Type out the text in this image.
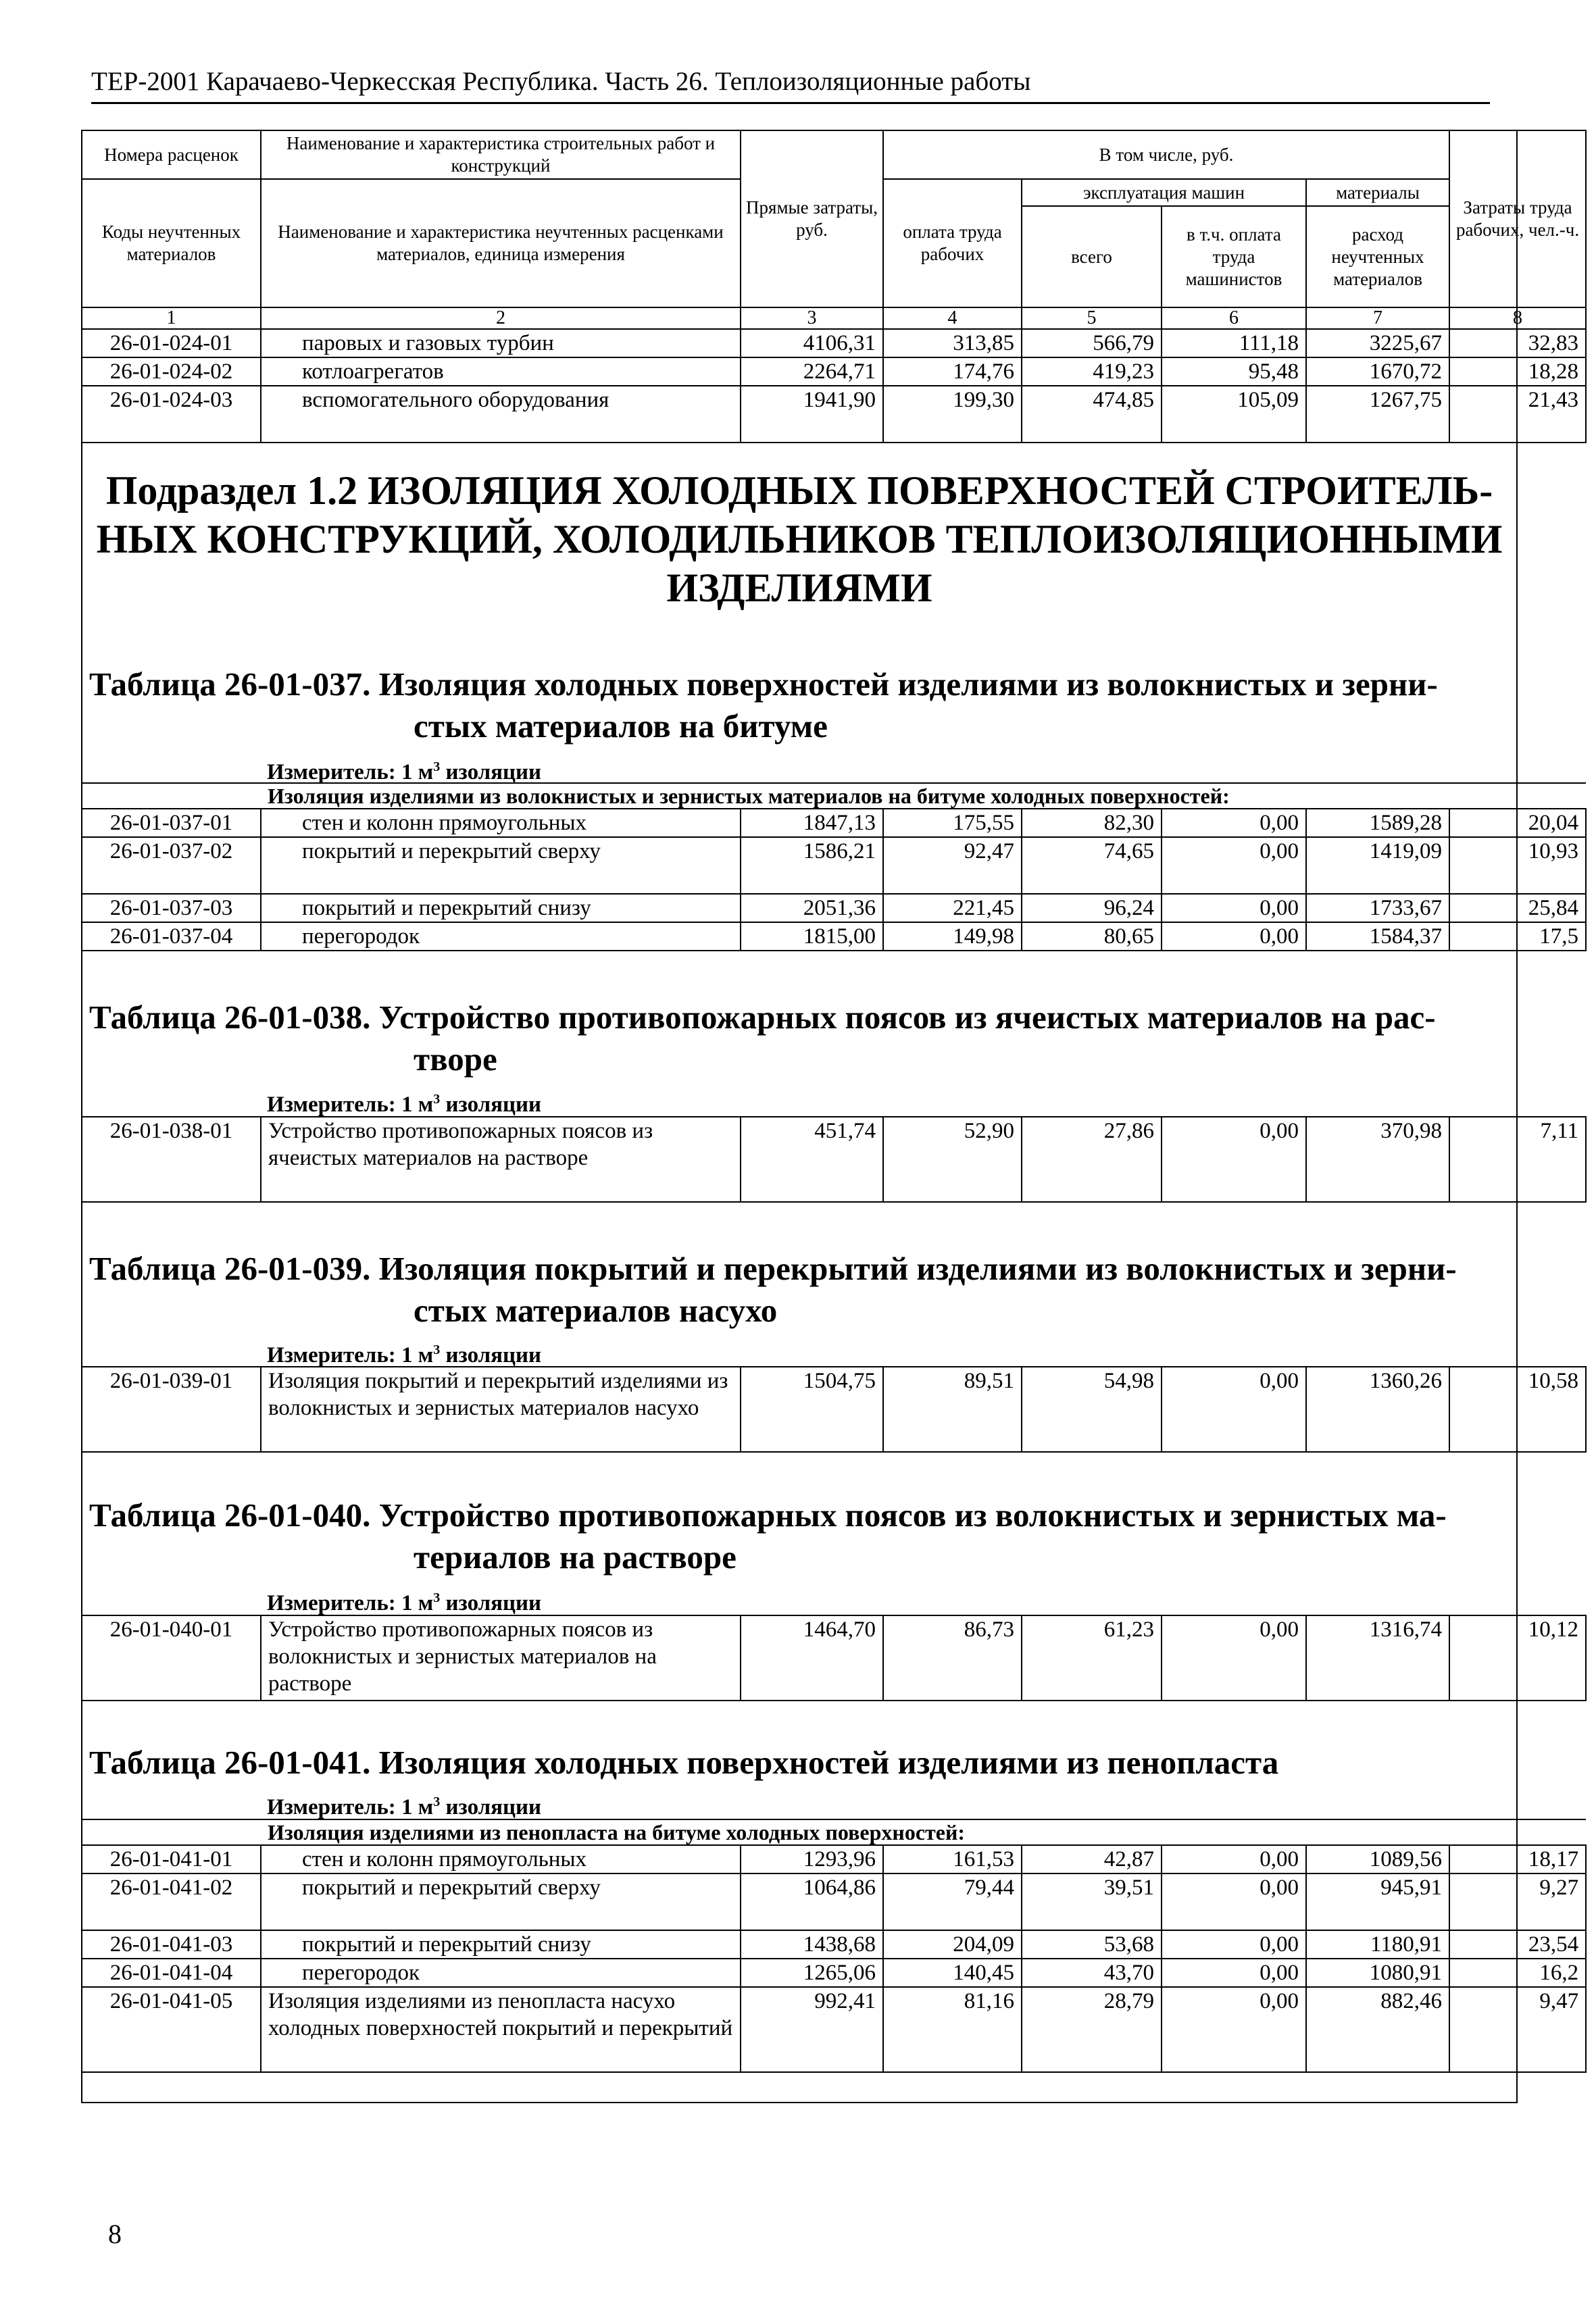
ТЕР-2001 Карачаево-Черкесская Республика. Часть 26. Теплоизоляционные работы
Номера расценок	Наименование и характеристика строительных работ и конструкций	Прямые затраты, руб.	В том числе, руб.				Затраты труда рабочих, чел.-ч.
Коды неучтенных материалов	Наименование и характеристика неучтенных расценками материалов, единица измерения		оплата труда рабочих	эксплуатация машин		материалы	
				всего	в т.ч. оплата труда машинистов	расход неучтенных материалов	
1	2	3	4	5	6	7	8
26-01-024-01	паровых и газовых турбин	4106,31	313,85	566,79	111,18	3225,67	32,83
26-01-024-02	котлоагрегатов	2264,71	174,76	419,23	95,48	1670,72	18,28
26-01-024-03	вспомогательного оборудования	1941,90	199,30	474,85	105,09	1267,75	21,43
Подраздел 1.2 ИЗОЛЯЦИЯ ХОЛОДНЫХ ПОВЕРХНОСТЕЙ СТРОИТЕЛЬ-
НЫХ КОНСТРУКЦИЙ, ХОЛОДИЛЬНИКОВ ТЕПЛОИЗОЛЯЦИОННЫМИ
ИЗДЕЛИЯМИ
Таблица 26-01-037. Изоляция холодных поверхностей изделиями из волокнистых и зерни-
стых материалов на битуме
Измеритель: 1 $м^3$ изоляции
	Изоляция изделиями из волокнистых и зернистых материалов на битуме холодных поверхностей:						
26-01-037-01	стен и колонн прямоугольных	1847,13	175,55	82,30	0,00	1589,28	20,04
26-01-037-02	покрытий и перекрытий сверху	1586,21	92,47	74,65	0,00	1419,09	10,93
26-01-037-03	покрытий и перекрытий снизу	2051,36	221,45	96,24	0,00	1733,67	25,84
26-01-037-04	перегородок	1815,00	149,98	80,65	0,00	1584,37	17,5
Таблица 26-01-038. Устройство противопожарных поясов из ячеистых материалов на рас-
творе
Измеритель: 1 $м^3$ изоляции
26-01-038-01	Устройство противопожарных поясов из ячеистых материалов на растворе	451,74	52,90	27,86	0,00	370,98	7,11
Таблица 26-01-039. Изоляция покрытий и перекрытий изделиями из волокнистых и зерни-
стых материалов насухо
Измеритель: 1 $м^3$ изоляции
26-01-039-01	Изоляция покрытий и перекрытий изделиями из волокнистых и зернистых материалов насухо	1504,75	89,51	54,98	0,00	1360,26	10,58
Таблица 26-01-040. Устройство противопожарных поясов из волокнистых и зернистых ма-
териалов на растворе
Измеритель: 1 $м^3$ изоляции
26-01-040-01	Устройство противопожарных поясов из волокнистых и зернистых материалов на растворе	1464,70	86,73	61,23	0,00	1316,74	10,12
Таблица 26-01-041. Изоляция холодных поверхностей изделиями из пенопласта
Измеритель: 1 $м^3$ изоляции
	Изоляция изделиями из пенопласта на битуме холодных поверхностей:						
26-01-041-01	стен и колонн прямоугольных	1293,96	161,53	42,87	0,00	1089,56	18,17
26-01-041-02	покрытий и перекрытий сверху	1064,86	79,44	39,51	0,00	945,91	9,27
26-01-041-03	покрытий и перекрытий снизу	1438,68	204,09	53,68	0,00	1180,91	23,54
26-01-041-04	перегородок	1265,06	140,45	43,70	0,00	1080,91	16,2
26-01-041-05	Изоляция изделиями из пенопласта насухо холодных поверхностей покрытий и перекрытий	992,41	81,16	28,79	0,00	882,46	9,47
8
